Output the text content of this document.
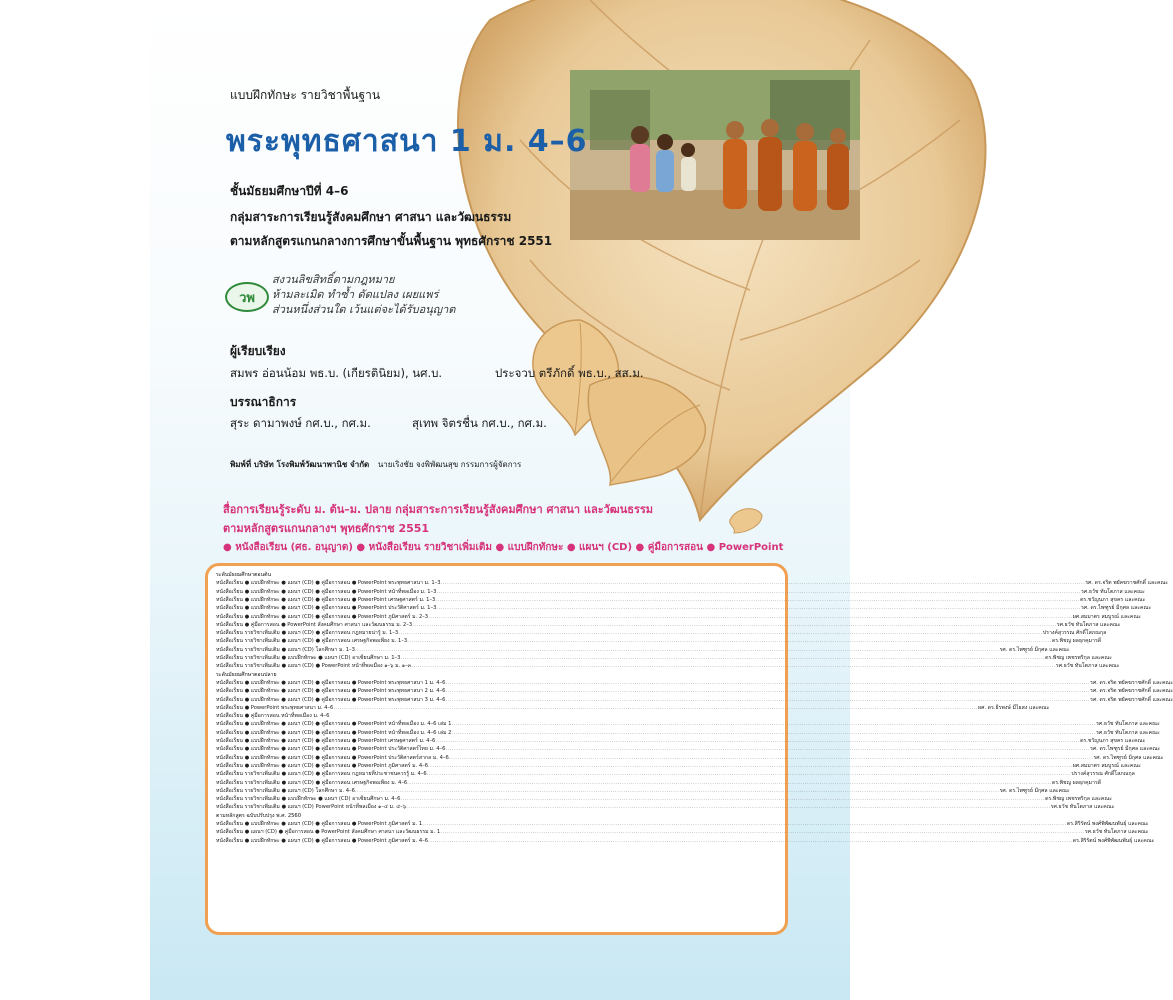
แบบฝึกทักษะ รายวิชาพื้นฐาน
พระพุทธศาสนา 1 ม. 4–6
ชั้นมัธยมศึกษาปีที่ 4–6
กลุ่มสาระการเรียนรู้สังคมศึกษา ศาสนา และวัฒนธรรม
ตามหลักสูตรแกนกลางการศึกษาขั้นพื้นฐาน พุทธศักราช 2551
วพ
สงวนลิขสิทธิ์ตามกฎหมาย
ห้ามละเมิด ทำซ้ำ ดัดแปลง เผยแพร่
ส่วนหนึ่งส่วนใด เว้นแต่จะได้รับอนุญาต
ผู้เรียบเรียง
สมพร อ่อนน้อม พธ.บ. (เกียรตินิยม), นศ.บ.	ประจวบ ตรีภักดิ์ พธ.บ., สส.ม.
บรรณาธิการ
สุระ ดามาพงษ์ กศ.บ., กศ.ม.	สุเทพ จิตรชื่น กศ.บ., กศ.ม.
พิมพ์ที่ บริษัท โรงพิมพ์วัฒนาพานิช จำกัด นายเริงชัย จงพิพัฒนสุข กรรมการผู้จัดการ
สื่อการเรียนรู้ระดับ ม. ต้น–ม. ปลาย กลุ่มสาระการเรียนรู้สังคมศึกษา ศาสนา และวัฒนธรรม
ตามหลักสูตรแกนกลางฯ พุทธศักราช 2551
● หนังสือเรียน (ศธ. อนุญาต) ● หนังสือเรียน รายวิชาเพิ่มเติม ● แบบฝึกทักษะ ● แผนฯ (CD) ● คู่มือการสอน ● PowerPoint
ระดับมัธยมศึกษาตอนต้น
หนังสือเรียน ● แบบฝึกทักษะ ● แผนฯ (CD) ● คู่มือการสอน ● PowerPoint พระพุทธศาสนา ม. 1–3 ............................................................................................................................................................................................................................................................................................................ รศ. ดร.จริต พยัคฆราชศักดิ์ และคณะ
หนังสือเรียน ● แบบฝึกทักษะ ● แผนฯ (CD) ● คู่มือการสอน ● PowerPoint หน้าที่พลเมือง ม. 1–3 ............................................................................................................................................................................................................................................................................................................ รศ.ธวัช ทันโตภาส และคณะ
หนังสือเรียน ● แบบฝึกทักษะ ● แผนฯ (CD) ● คู่มือการสอน ● PowerPoint เศรษฐศาสตร์ ม. 1–3 ............................................................................................................................................................................................................................................................................................................ ดร.ชวัญนภา สุขคร และคณะ
หนังสือเรียน ● แบบฝึกทักษะ ● แผนฯ (CD) ● คู่มือการสอน ● PowerPoint ประวัติศาสตร์ ม. 1–3 ............................................................................................................................................................................................................................................................................................................ รศ. ดร.ไพฑูรย์ มีกุศล และคณะ
หนังสือเรียน ● แบบฝึกทักษะ ● แผนฯ (CD) ● คู่มือการสอน ● PowerPoint ภูมิศาสตร์ ม. 2–3 ............................................................................................................................................................................................................................................................................................................ ผศ.สมมาตร สมบูรณ์ และคณะ
หนังสือเรียน ● คู่มือการสอน ● PowerPoint สังคมศึกษา ศาสนา และวัฒนธรรม ม. 2–3 ............................................................................................................................................................................................................................................................................................................ รศ.ธวัช ทันโตภาส และคณะ
หนังสือเรียน รายวิชาเพิ่มเติม ● แผนฯ (CD) ● คู่มือการสอน กฎหมายน่ารู้ ม. 1–3 ............................................................................................................................................................................................................................................................................................................ ปรางค์สุวรรณ ศักดิ์โสภณกุล
หนังสือเรียน รายวิชาเพิ่มเติม ● แผนฯ (CD) ● คู่มือการสอน เศรษฐกิจพอเพียง ม. 1–3 ............................................................................................................................................................................................................................................................................................................ ดร.พิชญ ผลธุกคุมารดี
หนังสือเรียน รายวิชาเพิ่มเติม ● แผนฯ (CD) โลกศึกษา ม. 1–3 ............................................................................................................................................................................................................................................................................................................ รศ. ดร.ไพฑูรย์ มีกุศล และคณะ
หนังสือเรียน รายวิชาเพิ่มเติม ● แบบฝึกทักษะ ● แผนฯ (CD) อาเซียนศึกษา ม. 1–3 ............................................................................................................................................................................................................................................................................................................ ดร.พิชญ เพชรพริกุล และคณะ
หนังสือเรียน รายวิชาเพิ่มเติม ● แผนฯ (CD) ● PowerPoint หน้าที่พลเมือง ๑–๖ ม. ๑–๓ ............................................................................................................................................................................................................................................................................................................ รศ.ธวัช ทันโตภาส และคณะ
ระดับมัธยมศึกษาตอนปลาย
หนังสือเรียน ● แบบฝึกทักษะ ● แผนฯ (CD) ● คู่มือการสอน ● PowerPoint พระพุทธศาสนา 1 ม. 4–6 ............................................................................................................................................................................................................................................................................................................ รศ. ดร.จริต พยัคฆราชศักดิ์ และคณะ
หนังสือเรียน ● แบบฝึกทักษะ ● แผนฯ (CD) ● คู่มือการสอน ● PowerPoint พระพุทธศาสนา 2 ม. 4–6 ............................................................................................................................................................................................................................................................................................................ รศ. ดร.จริต พยัคฆราชศักดิ์ และคณะ
หนังสือเรียน ● แบบฝึกทักษะ ● แผนฯ (CD) ● คู่มือการสอน ● PowerPoint พระพุทธศาสนา 3 ม. 4–6 ............................................................................................................................................................................................................................................................................................................ รศ. ดร.จริต พยัคฆราชศักดิ์ และคณะ
หนังสือเรียน ● PowerPoint พระพุทธศาสนา ม. 4–6 ............................................................................................................................................................................................................................................................................................................ ผศ. ดร.ธีรพงษ์ มีไธสง และคณะ
หนังสือเรียน ● คู่มือการสอน หน้าที่พลเมือง ม. 4–6
หนังสือเรียน ● แบบฝึกทักษะ ● แผนฯ (CD) ● คู่มือการสอน ● PowerPoint หน้าที่พลเมือง ม. 4–6 เล่ม 1 ............................................................................................................................................................................................................................................................................................................ รศ.ธวัช ทันโตภาส และคณะ
หนังสือเรียน ● แบบฝึกทักษะ ● แผนฯ (CD) ● คู่มือการสอน ● PowerPoint หน้าที่พลเมือง ม. 4–6 เล่ม 2 ............................................................................................................................................................................................................................................................................................................ รศ.ธวัช ทันโตภาส และคณะ
หนังสือเรียน ● แบบฝึกทักษะ ● แผนฯ (CD) ● คู่มือการสอน ● PowerPoint เศรษฐศาสตร์ ม. 4–6 ............................................................................................................................................................................................................................................................................................................ ดร.ชวัญนภา สุขคร และคณะ
หนังสือเรียน ● แบบฝึกทักษะ ● แผนฯ (CD) ● คู่มือการสอน ● PowerPoint ประวัติศาสตร์ไทย ม. 4–6 ............................................................................................................................................................................................................................................................................................................ รศ. ดร.ไพฑูรย์ มีกุศล และคณะ
หนังสือเรียน ● แบบฝึกทักษะ ● แผนฯ (CD) ● คู่มือการสอน ● PowerPoint ประวัติศาสตร์สากล ม. 4–6 ............................................................................................................................................................................................................................................................................................................ รศ. ดร.ไพฑูรย์ มีกุศล และคณะ
หนังสือเรียน ● แบบฝึกทักษะ ● แผนฯ (CD) ● คู่มือการสอน ● PowerPoint ภูมิศาสตร์ ม. 4–6 ............................................................................................................................................................................................................................................................................................................ ผศ.สมมาตร สมบูรณ์ และคณะ
หนังสือเรียน รายวิชาเพิ่มเติม ● แผนฯ (CD) ● คู่มือการสอน กฎหมายที่ประชาชนควรรู้ ม. 4–6 ............................................................................................................................................................................................................................................................................................................ ปรางค์สุวรรณ ศักดิ์โสภณกุล
หนังสือเรียน รายวิชาเพิ่มเติม ● แผนฯ (CD) ● คู่มือการสอน เศรษฐกิจพอเพียง ม. 4–6 ............................................................................................................................................................................................................................................................................................................ ดร.พิชญ ผลธุกคุมารดี
หนังสือเรียน รายวิชาเพิ่มเติม ● แผนฯ (CD) โลกศึกษา ม. 4–6 ............................................................................................................................................................................................................................................................................................................ รศ. ดร.ไพฑูรย์ มีกุศล และคณะ
หนังสือเรียน รายวิชาเพิ่มเติม ● แบบฝึกทักษะ ● แผนฯ (CD) อาเซียนศึกษา ม. 4–6 ............................................................................................................................................................................................................................................................................................................ ดร.พิชญ เพชรพริกุล และคณะ
หนังสือเรียน รายวิชาเพิ่มเติม ● แผนฯ (CD) PowerPoint หน้าที่พลเมือง ๑–๔ ม. ๔–๖ ............................................................................................................................................................................................................................................................................................................ รศ.ธวัช ทันโตภาส และคณะ
ตามหลักสูตร ฉบับปรับปรุง พ.ศ. 2560
หนังสือเรียน ● แบบฝึกทักษะ ● แผนฯ (CD) ● คู่มือการสอน ● PowerPoint ภูมิศาสตร์ ม. 1 ............................................................................................................................................................................................................................................................................................................ ดร.สิริรัตน์ พงศ์พิพัฒนพันธุ์ และคณะ
หนังสือเรียน ● แผนฯ (CD) ● คู่มือการสอน ● PowerPoint สังคมศึกษา ศาสนา และวัฒนธรรม ม. 1 ............................................................................................................................................................................................................................................................................................................ รศ.ธวัช ทันโตภาส และคณะ
หนังสือเรียน ● แบบฝึกทักษะ ● แผนฯ (CD) ● คู่มือการสอน ● PowerPoint ภูมิศาสตร์ ม. 4–6 ............................................................................................................................................................................................................................................................................................................ ดร.สิริรัตน์ พงศ์พิพัฒนพันธุ์ และคณะ
